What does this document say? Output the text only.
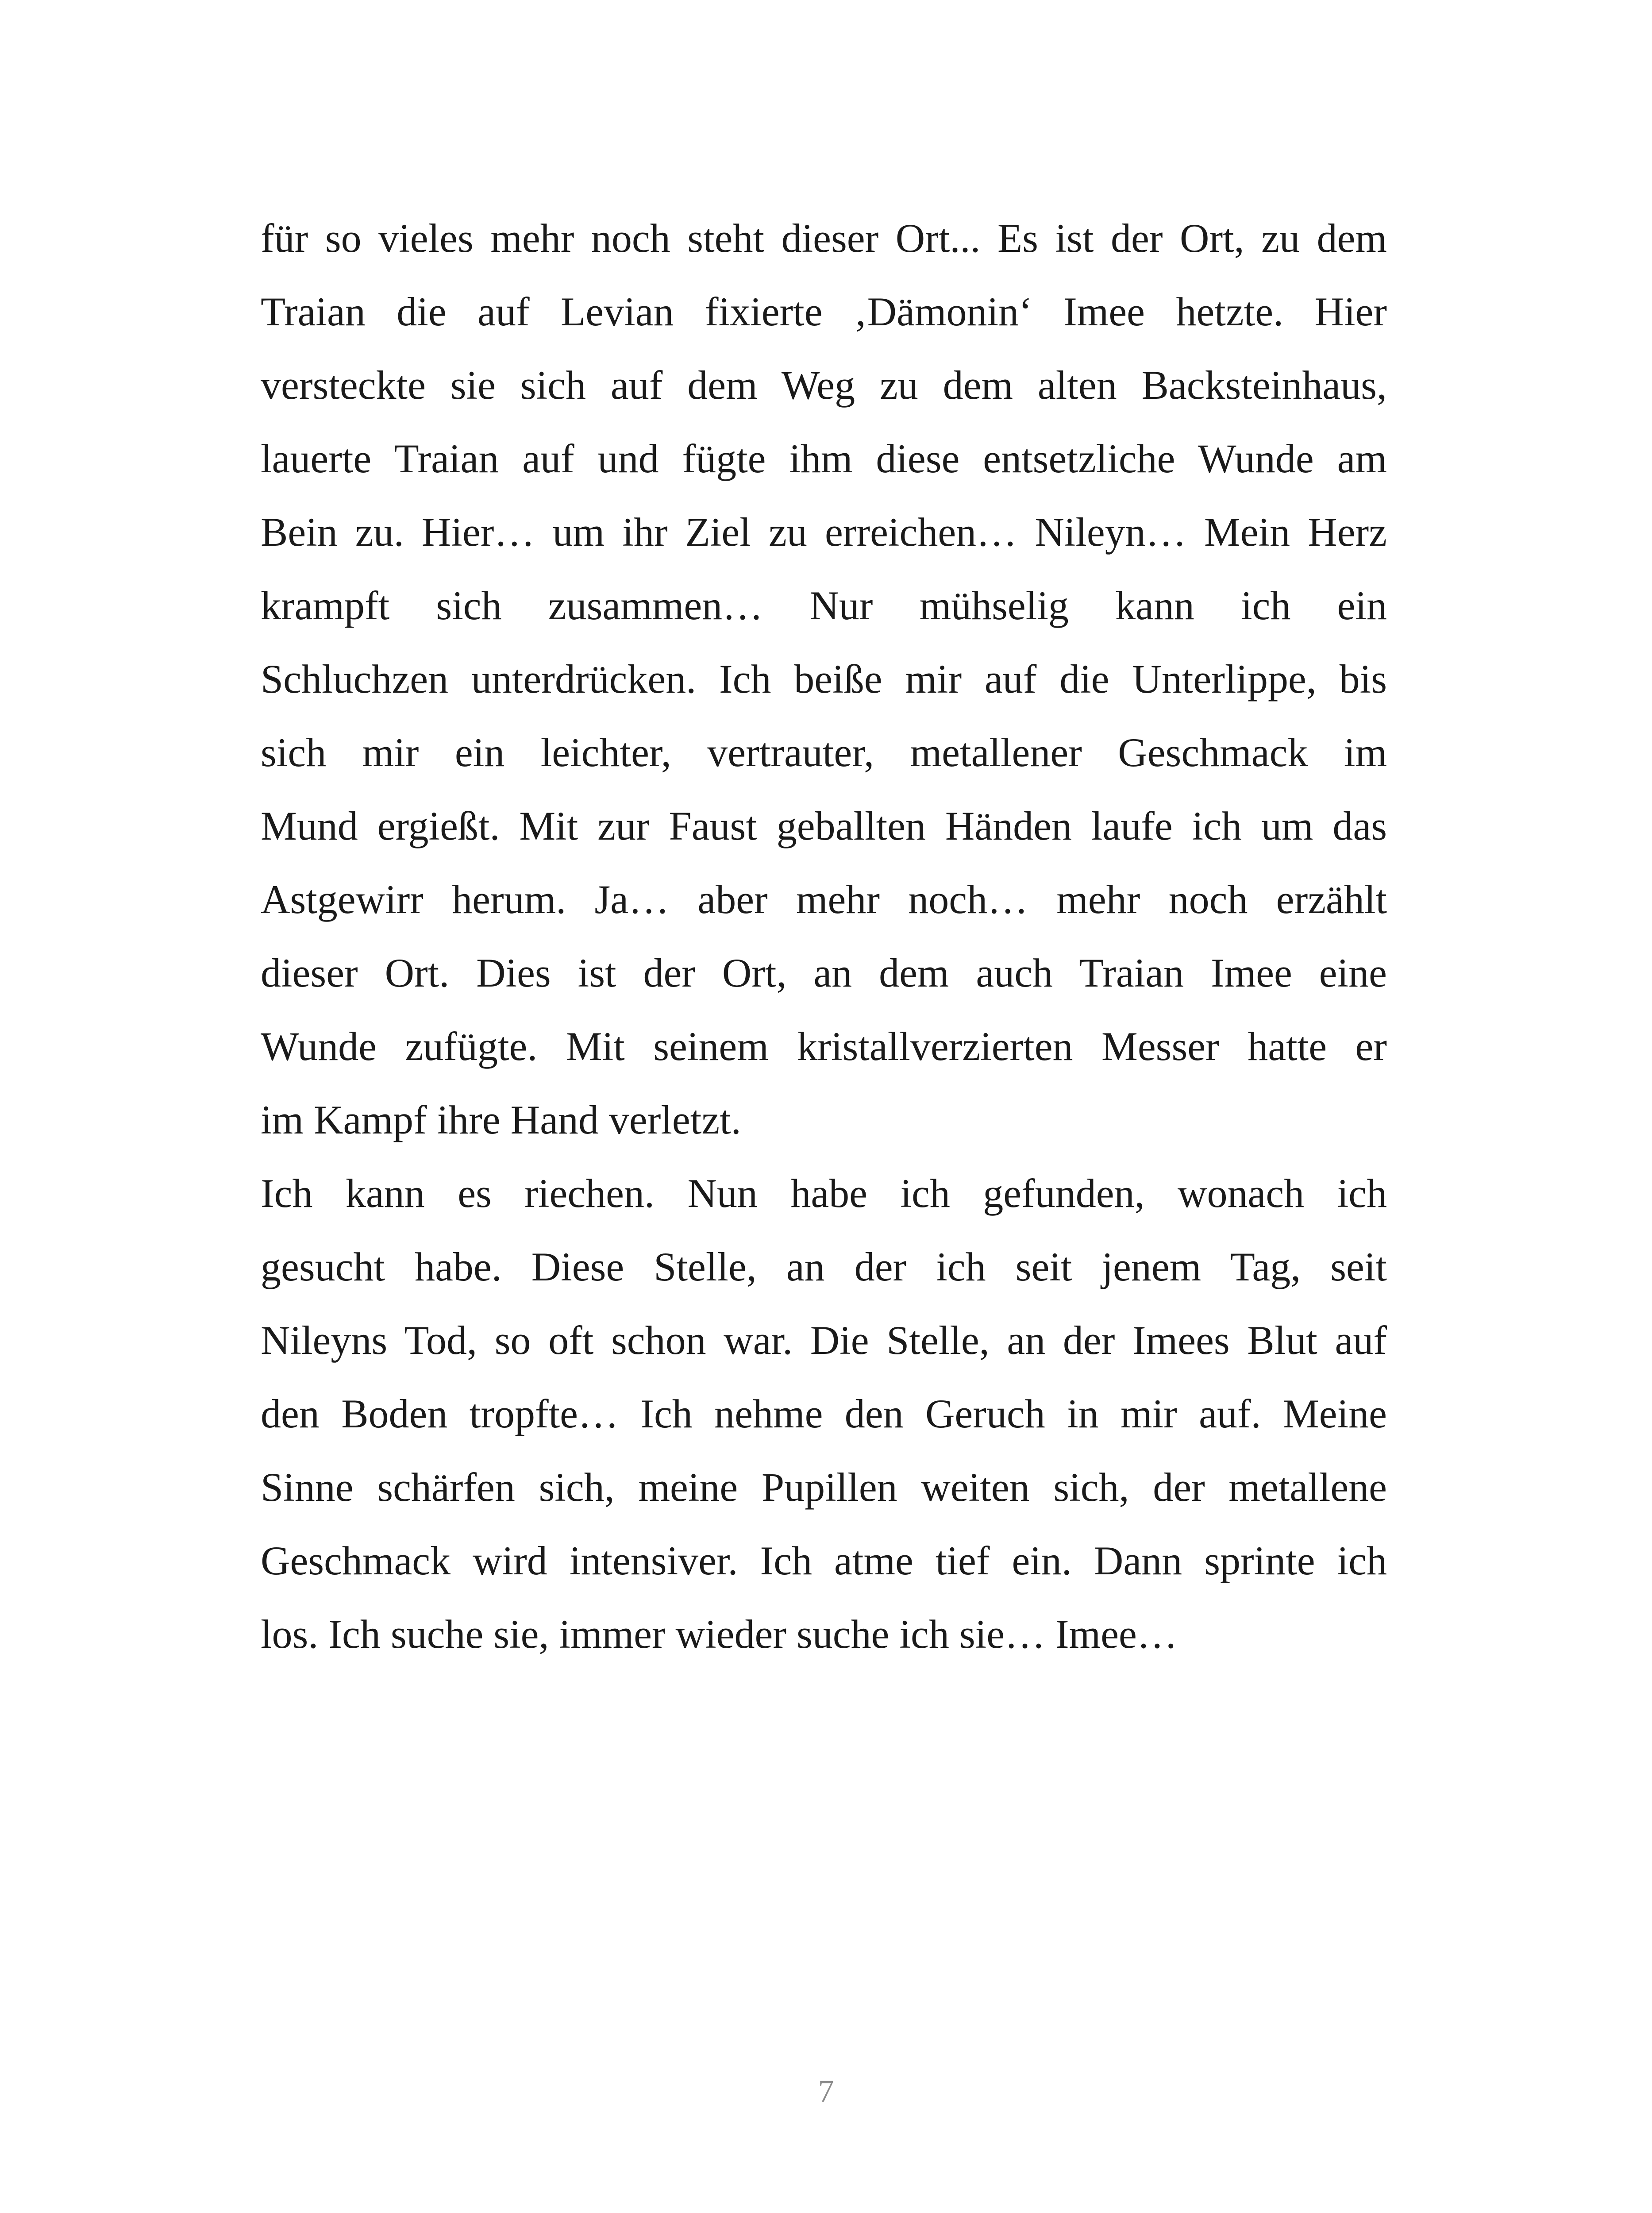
für so vieles mehr noch steht dieser Ort... Es ist der Ort, zu dem
Traian die auf Levian fixierte ‚Dämonin‘ Imee hetzte. Hier
versteckte sie sich auf dem Weg zu dem alten Backsteinhaus,
lauerte Traian auf und fügte ihm diese entsetzliche Wunde am
Bein zu. Hier… um ihr Ziel zu erreichen… Nileyn… Mein Herz
krampft sich zusammen… Nur mühselig kann ich ein
Schluchzen unterdrücken. Ich beiße mir auf die Unterlippe, bis
sich mir ein leichter, vertrauter, metallener Geschmack im
Mund ergießt. Mit zur Faust geballten Händen laufe ich um das
Astgewirr herum. Ja… aber mehr noch… mehr noch erzählt
dieser Ort. Dies ist der Ort, an dem auch Traian Imee eine
Wunde zufügte. Mit seinem kristallverzierten Messer hatte er
im Kampf ihre Hand verletzt.
Ich kann es riechen. Nun habe ich gefunden, wonach ich
gesucht habe. Diese Stelle, an der ich seit jenem Tag, seit
Nileyns Tod, so oft schon war. Die Stelle, an der Imees Blut auf
den Boden tropfte… Ich nehme den Geruch in mir auf. Meine
Sinne schärfen sich, meine Pupillen weiten sich, der metallene
Geschmack wird intensiver. Ich atme tief ein. Dann sprinte ich
los. Ich suche sie, immer wieder suche ich sie… Imee…
7
